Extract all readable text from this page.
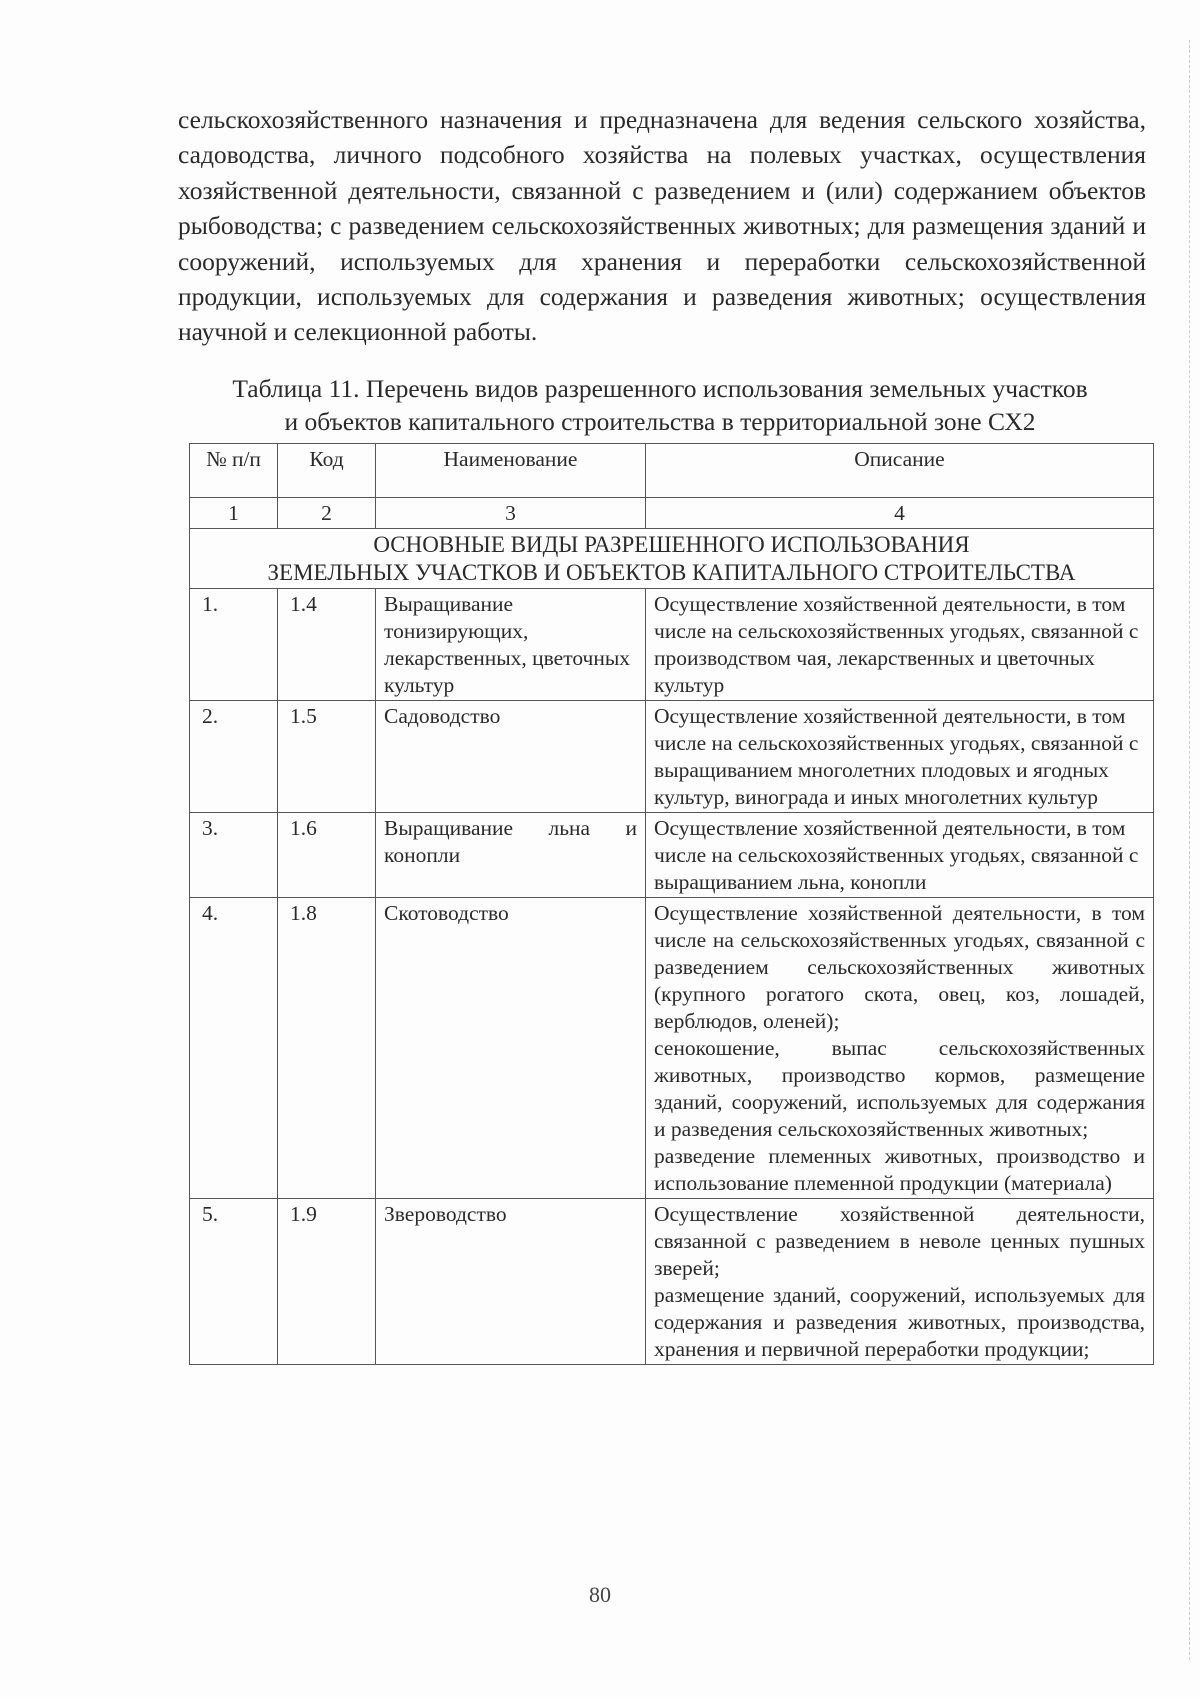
сельскохозяйственного назначения и предназначена для ведения сельского хозяйства, садоводства, личного подсобного хозяйства на полевых участках, осуществления хозяйственной деятельности, связанной с разведением и (или) содержанием объектов рыбоводства; с разведением сельскохозяйственных животных; для размещения зданий и сооружений, используемых для хранения и переработки сельскохозяйственной продукции, используемых для содержания и разведения животных; осуществления научной и селекционной работы.

Таблица 11. Перечень видов разрешенного использования земельных участков
и объектов капитального строительства в территориальной зоне СХ2
№ п/п	Код	Наименование	Описание
1	2	3	4

ОСНОВНЫЕ ВИДЫ РАЗРЕШЕННОГО ИСПОЛЬЗОВАНИЯ
ЗЕМЕЛЬНЫХ УЧАСТКОВ И ОБЪЕКТОВ КАПИТАЛЬНОГО СТРОИТЕЛЬСТВА			

1.	1.4	Выращивание тонизирующих, лекарственных, цветочных культур	Осуществление хозяйственной деятельности, в том числе на сельскохозяйственных угодьях, связанной с производством чая, лекарственных и цветочных культур
2.	1.5	Садоводство	Осуществление хозяйственной деятельности, в том числе на сельскохозяйственных угодьях, связанной с выращиванием многолетних плодовых и ягодных культур, винограда и иных многолетних культур
3.	1.6	Выращивание льна и конопли	Осуществление хозяйственной деятельности, в том числе на сельскохозяйственных угодьях, связанной с выращиванием льна, конопли
4.	1.8	Скотоводство	Осуществление хозяйственной деятельности, в том числе на сельскохозяйственных угодьях, связанной с разведением сельскохозяйственных животных (крупного рогатого скота, овец, коз, лошадей, верблюдов, оленей);
сенокошение, выпас сельскохозяйственных животных, производство кормов, размещение зданий, сооружений, используемых для содержания и разведения сельскохозяйственных животных;
разведение племенных животных, производство и использование племенной продукции (материала)

5.	1.9	Звероводство	Осуществление хозяйственной деятельности, связанной с разведением в неволе ценных пушных зверей;
размещение зданий, сооружений, используемых для содержания и разведения животных, производства, хранения и первичной переработки продукции;
80
